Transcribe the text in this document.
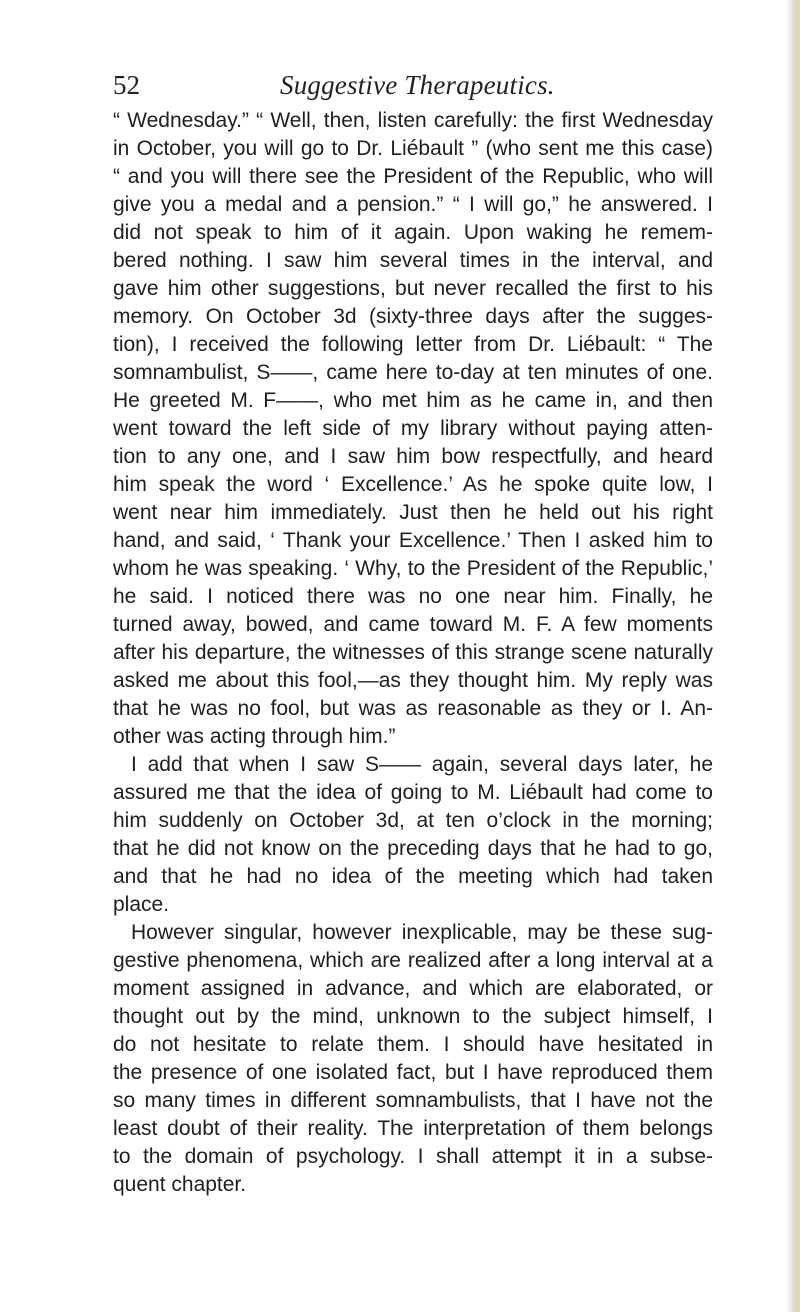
52	Suggestive Therapeutics.
“ Wednesday.” “ Well, then, listen carefully: the first Wednesday
in October, you will go to Dr. Liébault ” (who sent me this case)
“ and you will there see the President of the Republic, who will
give you a medal and a pension.” “ I will go,” he answered. I
did not speak to him of it again. Upon waking he remem-
bered nothing. I saw him several times in the interval, and
gave him other suggestions, but never recalled the first to his
memory. On October 3d (sixty-three days after the sugges-
tion), I received the following letter from Dr. Liébault: “ The
somnambulist, S——, came here to-day at ten minutes of one.
He greeted M. F——, who met him as he came in, and then
went toward the left side of my library without paying atten-
tion to any one, and I saw him bow respectfully, and heard
him speak the word ‘ Excellence.’ As he spoke quite low, I
went near him immediately. Just then he held out his right
hand, and said, ‘ Thank your Excellence.’ Then I asked him to
whom he was speaking. ‘ Why, to the President of the Republic,’
he said. I noticed there was no one near him. Finally, he
turned away, bowed, and came toward M. F. A few moments
after his departure, the witnesses of this strange scene naturally
asked me about this fool,—as they thought him. My reply was
that he was no fool, but was as reasonable as they or I. An-
other was acting through him.”
I add that when I saw S—— again, several days later, he
assured me that the idea of going to M. Liébault had come to
him suddenly on October 3d, at ten o’clock in the morning;
that he did not know on the preceding days that he had to go,
and that he had no idea of the meeting which had taken
place.
However singular, however inexplicable, may be these sug-
gestive phenomena, which are realized after a long interval at a
moment assigned in advance, and which are elaborated, or
thought out by the mind, unknown to the subject himself, I
do not hesitate to relate them. I should have hesitated in
the presence of one isolated fact, but I have reproduced them
so many times in different somnambulists, that I have not the
least doubt of their reality. The interpretation of them belongs
to the domain of psychology. I shall attempt it in a subse-
quent chapter.
